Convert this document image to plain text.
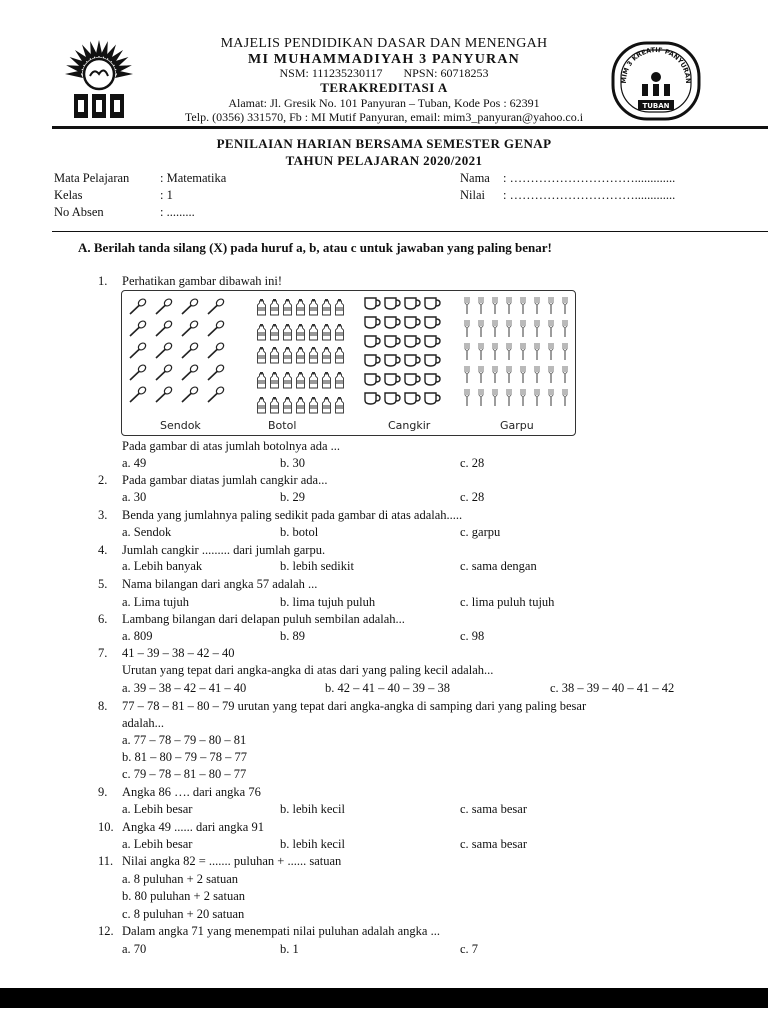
MAJELIS PENDIDIKAN DASAR DAN MENENGAH
MI MUHAMMADIYAH 3 PANYURAN
NSM: 111235230117 NPSN: 60718253
TERAKREDITASI A
Alamat: Jl. Gresik No. 101 Panyuran – Tuban, Kode Pos : 62391
Telp. (0356) 331570, Fb : MI Mutif Panyuran, email: mim3_panyuran@yahoo.co.i
MIM 3 KREATIF PANYURAN
TUBAN
PENILAIAN HARIAN BERSAMA SEMESTER GENAP
TAHUN PELAJARAN 2020/2021
Mata Pelajaran : Matematika
Kelas	: 1
No Absen	: .........
Nama : ………………………….............
Nilai : ………………………….............
A. Berilah tanda silang (X) pada huruf a, b, atau c untuk jawaban yang paling benar!
1. Perhatikan gambar dibawah ini!
Sendok	Botol	Cangkir	Garpu
Pada gambar di atas jumlah botolnya ada ...
a. 49	b. 30	c. 28
2. Pada gambar diatas jumlah cangkir ada...
a. 30	b. 29	c. 28
3. Benda yang jumlahnya paling sedikit pada gambar di atas adalah.....
a. Sendok	b. botol	c. garpu
4. Jumlah cangkir ......... dari jumlah garpu.
a. Lebih banyak	b. lebih sedikit	c. sama dengan
5. Nama bilangan dari angka 57 adalah ...
a. Lima tujuh	b. lima tujuh puluh	c. lima puluh tujuh
6. Lambang bilangan dari delapan puluh sembilan adalah...
a. 809	b. 89	c. 98
7. 41 – 39 – 38 – 42 – 40
Urutan yang tepat dari angka-angka di atas dari yang paling kecil adalah...
a. 39 – 38 – 42 – 41 – 40	b. 42 – 41 – 40 – 39 – 38	c. 38 – 39 – 40 – 41 – 42
8. 77 – 78 – 81 – 80 – 79 urutan yang tepat dari angka-angka di samping dari yang paling besar
adalah...
a. 77 – 78 – 79 – 80 – 81
b. 81 – 80 – 79 – 78 – 77
c. 79 – 78 – 81 – 80 – 77
9. Angka 86 …. dari angka 76
a. Lebih besar	b. lebih kecil	c. sama besar
10. Angka 49 ...... dari angka 91
a. Lebih besar	b. lebih kecil	c. sama besar
11. Nilai angka 82 = ....... puluhan + ...... satuan
a. 8 puluhan + 2 satuan
b. 80 puluhan + 2 satuan
c. 8 puluhan + 20 satuan
12. Dalam angka 71 yang menempati nilai puluhan adalah angka ...
a. 70	b. 1	c. 7
